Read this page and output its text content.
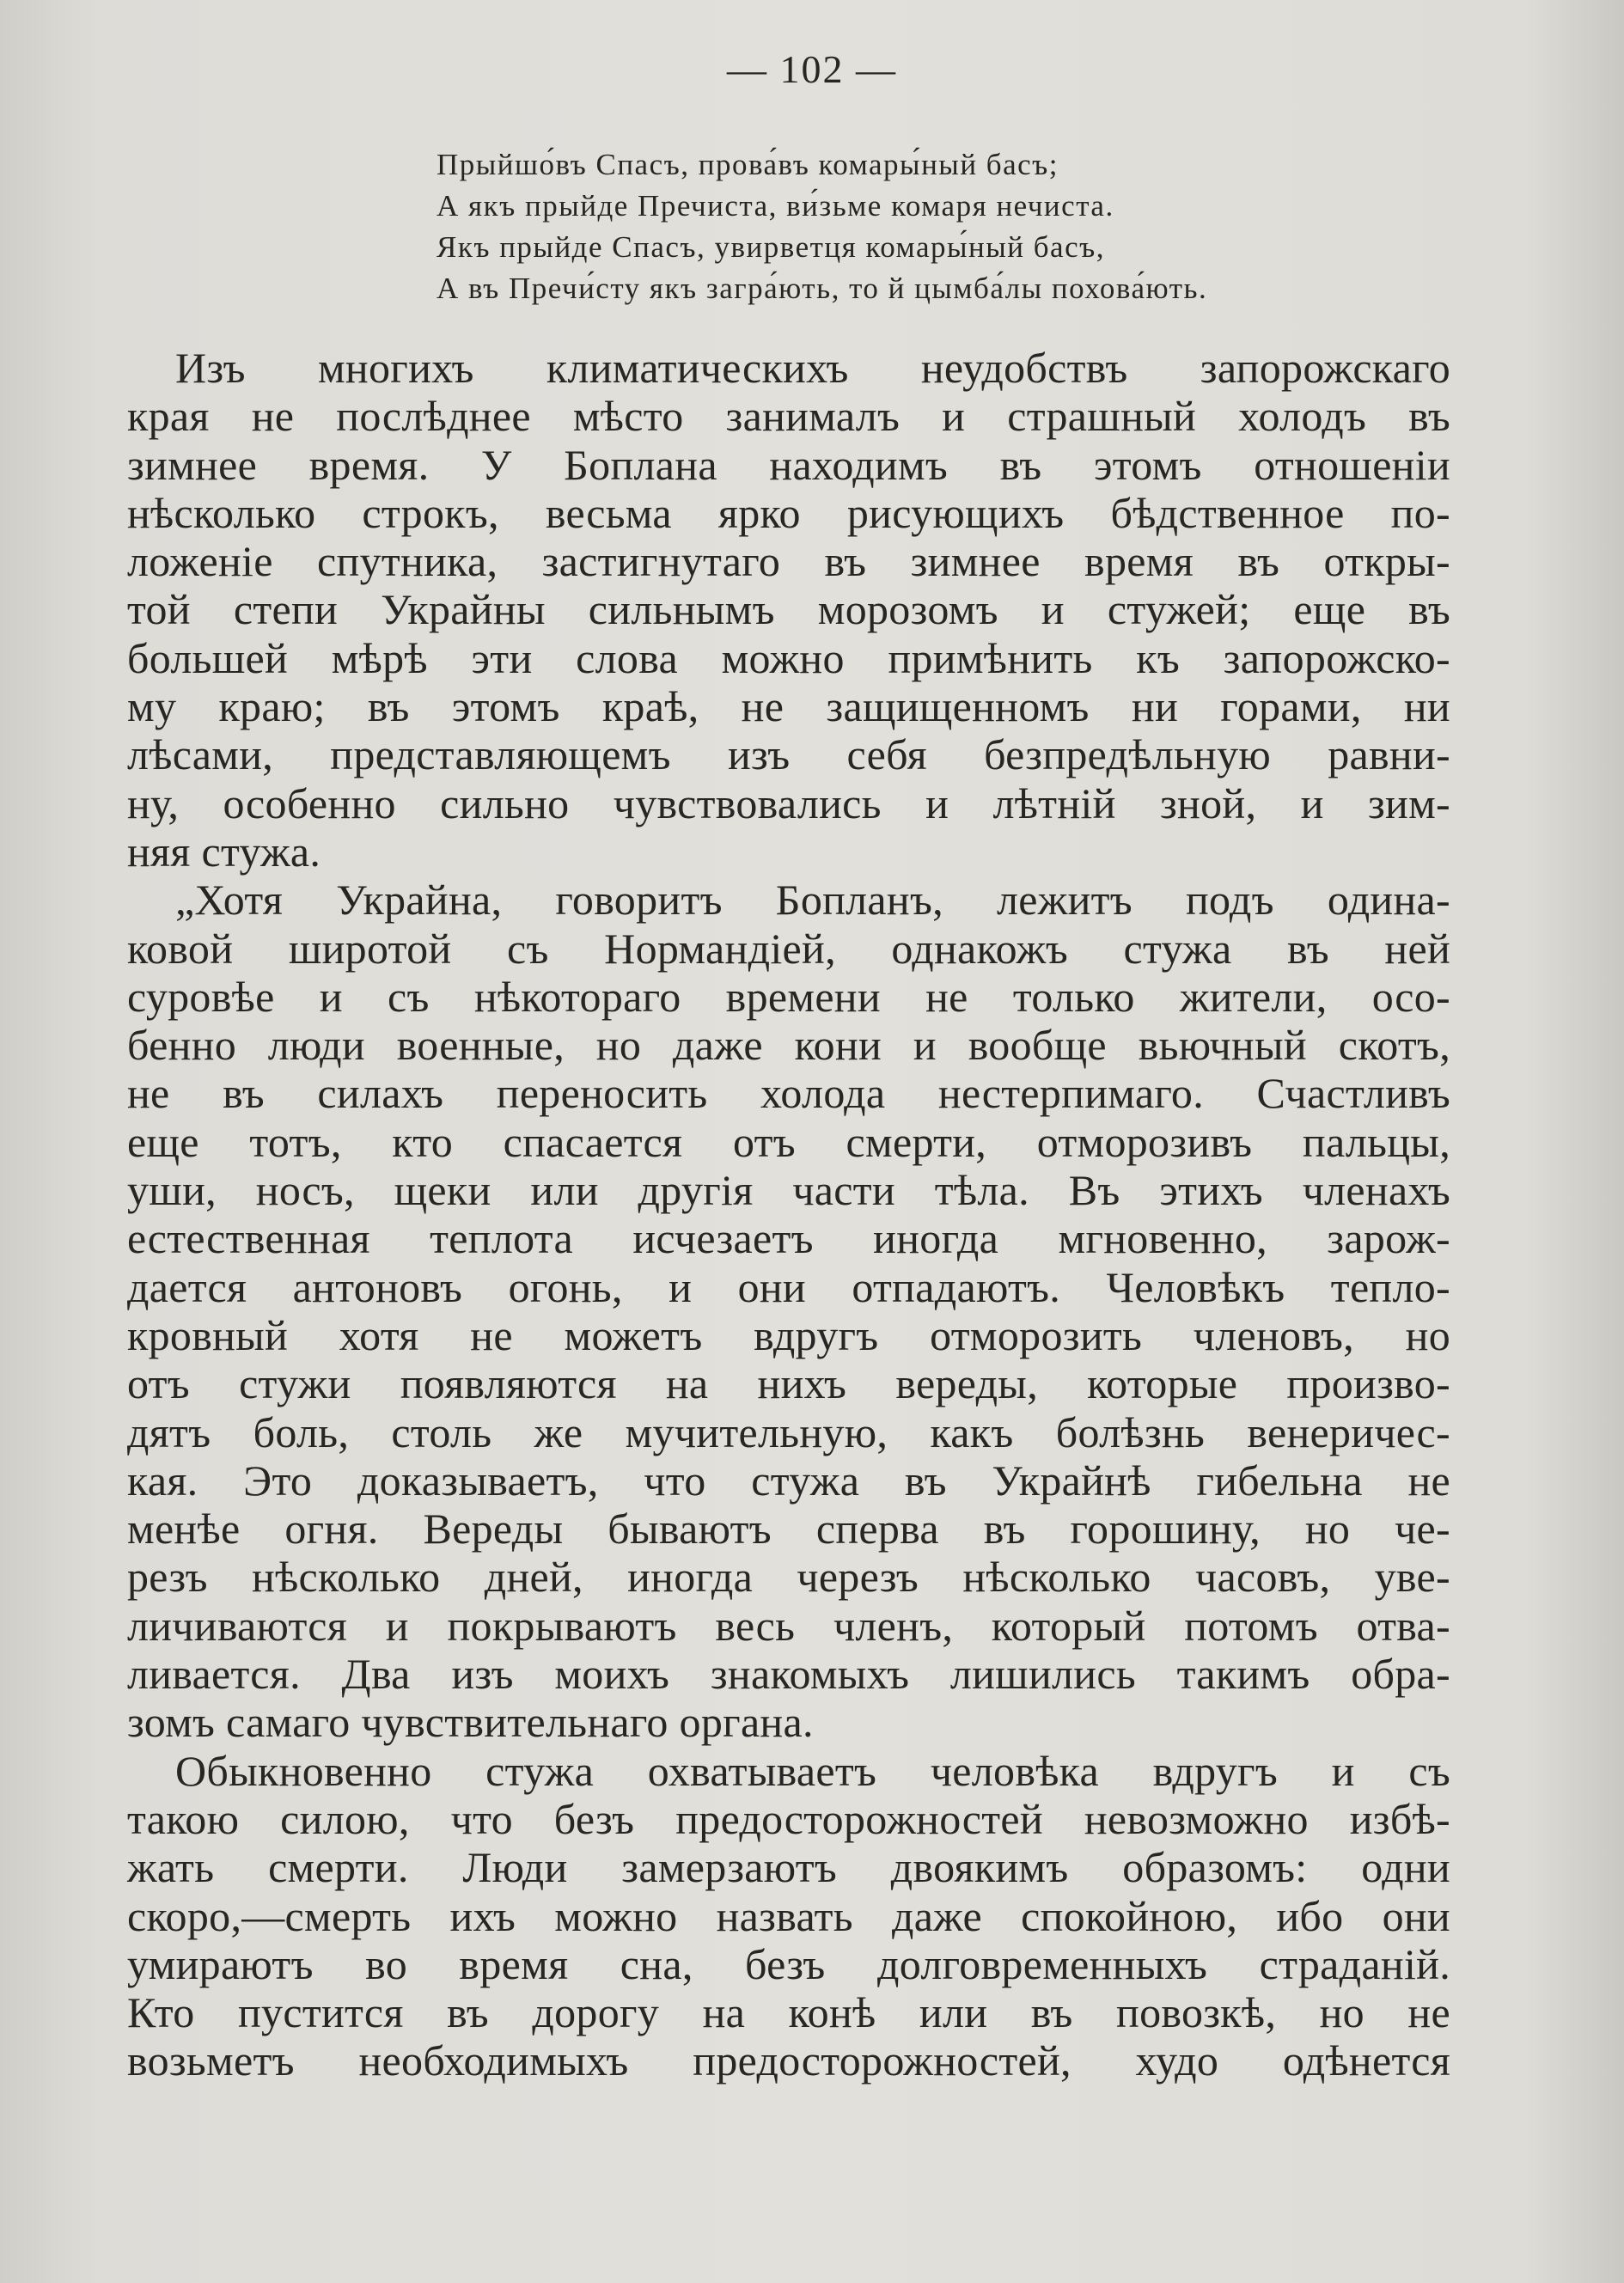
— 102 —
Прыйшо́въ Спасъ, прова́въ комары́ный басъ;
А якъ прыйде Пречиста, ви́зьме комаря нечиста.
Якъ прыйде Спасъ, увирветця комары́ный басъ,
А въ Пречи́сту якъ загра́ють, то й цымба́лы похова́ють.
Изъ многихъ климатическихъ неудобствъ запорожскаго
края не послѣднее мѣсто занималъ и страшный холодъ въ
зимнее время. У Боплана находимъ въ этомъ отношеніи
нѣсколько строкъ, весьма ярко рисующихъ бѣдственное по-
ложеніе спутника, застигнутаго въ зимнее время въ откры-
той степи Украйны сильнымъ морозомъ и стужей; еще въ
большей мѣрѣ эти слова можно примѣнить къ запорожско-
му краю; въ этомъ краѣ, не защищенномъ ни горами, ни
лѣсами, представляющемъ изъ себя безпредѣльную равни-
ну, особенно сильно чувствовались и лѣтній зной, и зим-
няя стужа.
„Хотя Украйна, говоритъ Бопланъ, лежитъ подъ одина-
ковой широтой съ Нормандіей, однакожъ стужа въ ней
суровѣе и съ нѣкотораго времени не только жители, осо-
бенно люди военные, но даже кони и вообще вьючный скотъ,
не въ силахъ переносить холода нестерпимаго. Счастливъ
еще тотъ, кто спасается отъ смерти, отморозивъ пальцы,
уши, носъ, щеки или другія части тѣла. Въ этихъ членахъ
естественная теплота исчезаетъ иногда мгновенно, зарож-
дается антоновъ огонь, и они отпадаютъ. Человѣкъ тепло-
кровный хотя не можетъ вдругъ отморозить членовъ, но
отъ стужи появляются на нихъ вереды, которые произво-
дятъ боль, столь же мучительную, какъ болѣзнь венеричес-
кая. Это доказываетъ, что стужа въ Украйнѣ гибельна не
менѣе огня. Вереды бываютъ сперва въ горошину, но че-
резъ нѣсколько дней, иногда черезъ нѣсколько часовъ, уве-
личиваются и покрываютъ весь членъ, который потомъ отва-
ливается. Два изъ моихъ знакомыхъ лишились такимъ обра-
зомъ самаго чувствительнаго органа.
Обыкновенно стужа охватываетъ человѣка вдругъ и съ
такою силою, что безъ предосторожностей невозможно избѣ-
жать смерти. Люди замерзаютъ двоякимъ образомъ: одни
скоро,—смерть ихъ можно назвать даже спокойною, ибо они
умираютъ во время сна, безъ долговременныхъ страданій.
Кто пустится въ дорогу на конѣ или въ повозкѣ, но не
возьметъ необходимыхъ предосторожностей, худо одѣнется
